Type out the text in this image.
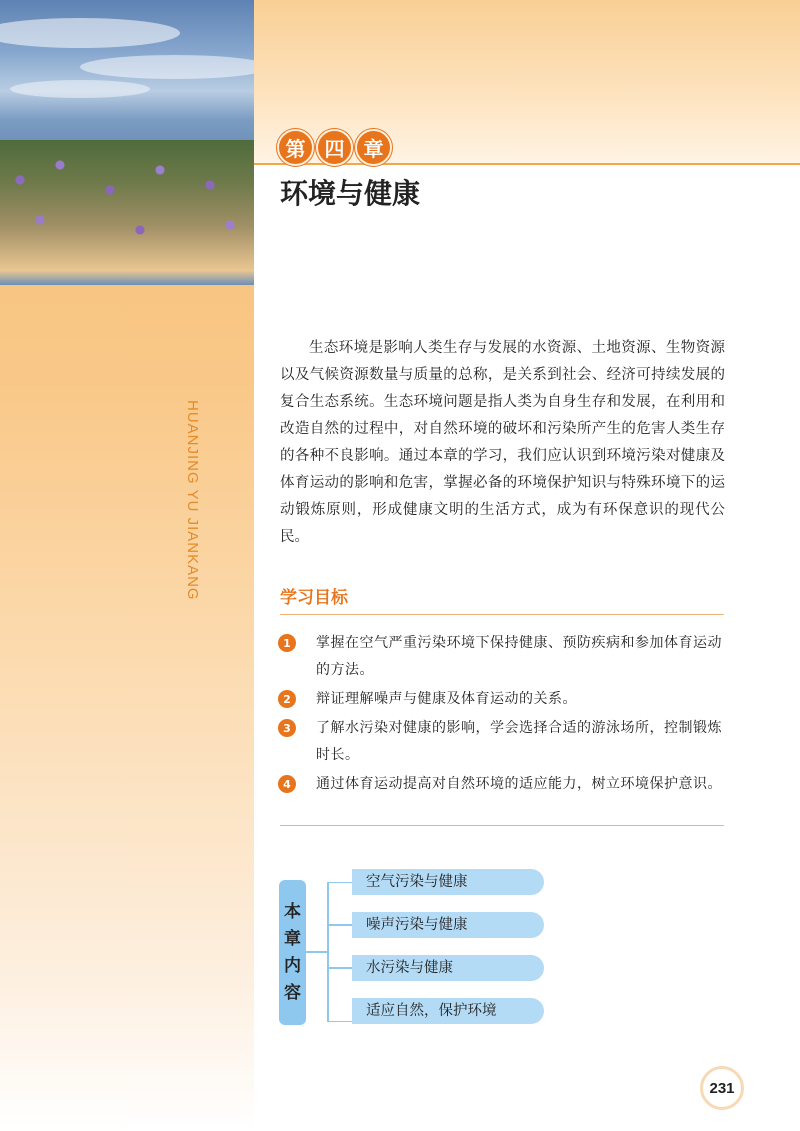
HUANJING YU JIANKANG
第 四 章
环境与健康

生态环境是影响人类生存与发展的水资源、土地资源、生物资源以及气候资源数量与质量的总称，是关系到社会、经济可持续发展的复合生态系统。生态环境问题是指人类为自身生存和发展，在利用和改造自然的过程中，对自然环境的破坏和污染所产生的危害人类生存的各种不良影响。通过本章的学习，我们应认识到环境污染对健康及体育运动的影响和危害，掌握必备的环境保护知识与特殊环境下的运动锻炼原则，形成健康文明的生活方式，成为有环保意识的现代公民。

学习目标
1	掌握在空气严重污染环境下保持健康、预防疾病和参加体育运动的方法。
2	辩证理解噪声与健康及体育运动的关系。
3	了解水污染对健康的影响，学会选择合适的游泳场所，控制锻炼时长。
4	通过体育运动提高对自然环境的适应能力，树立环境保护意识。
本
章
内
容
空气污染与健康
噪声污染与健康
水污染与健康
适应自然，保护环境
231
